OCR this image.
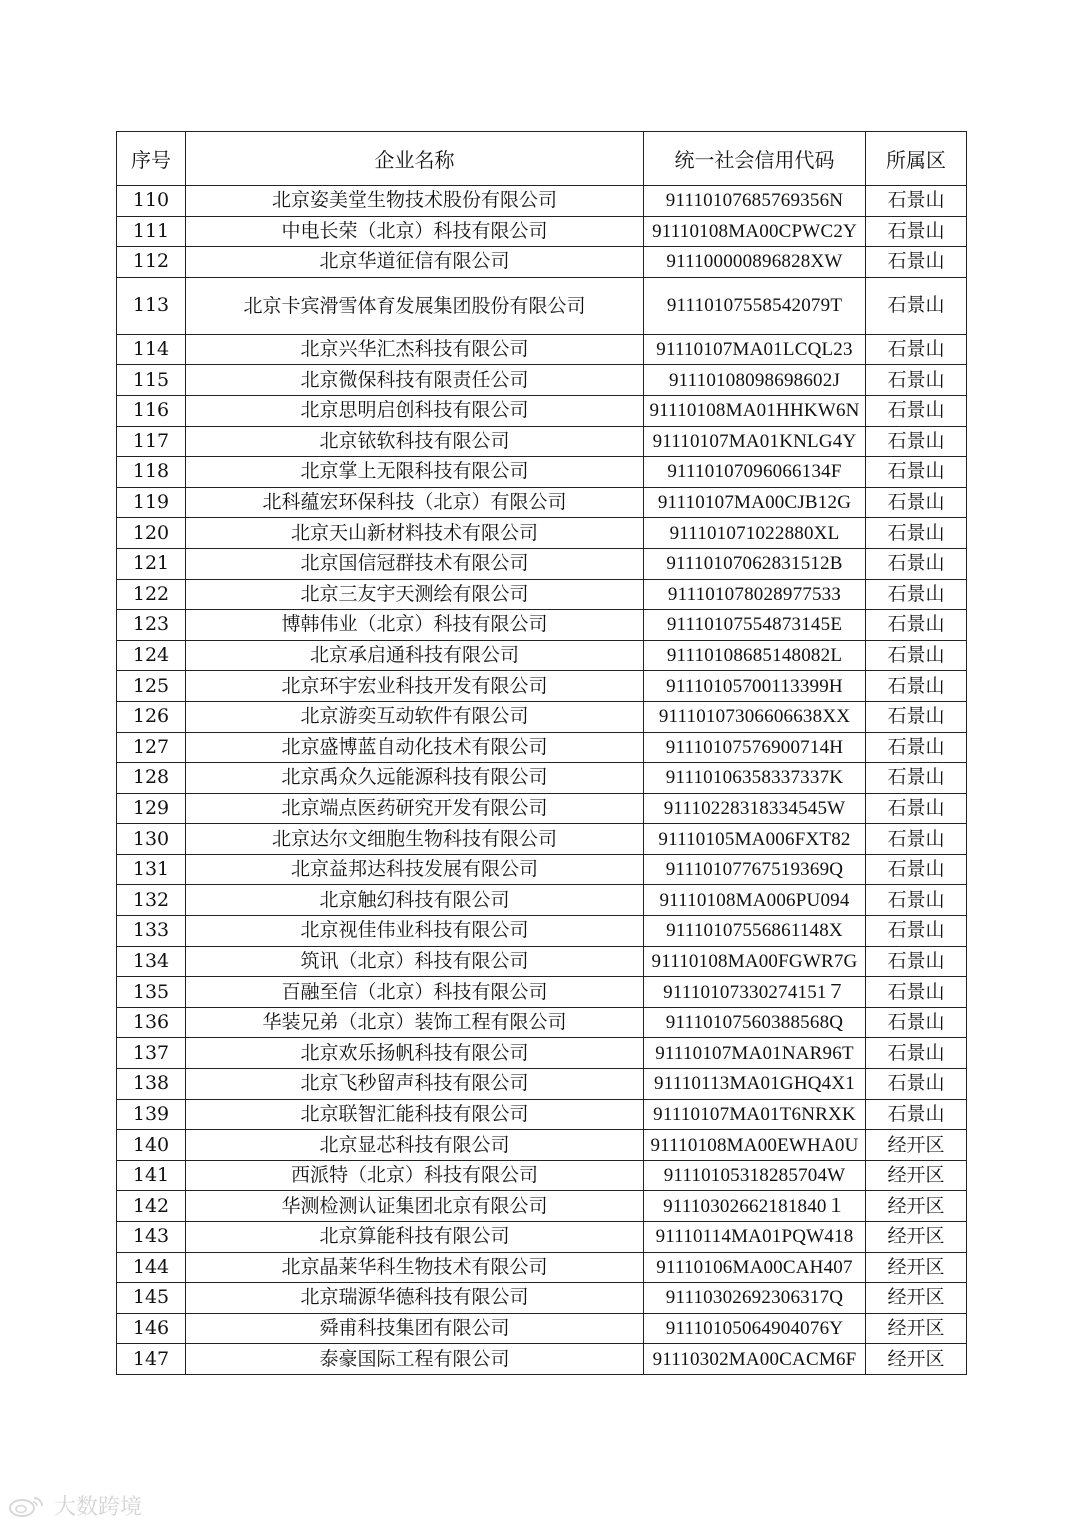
序号	企业名称	统一社会信用代码	所属区
110	北京姿美堂生物技术股份有限公司	91110107685769356N	石景山
111	中电长荣（北京）科技有限公司	91110108MA00CPWC2Y	石景山
112	北京华道征信有限公司	911100000896828XW	石景山
113	北京卡宾滑雪体育发展集团股份有限公司	91110107558542079T	石景山
114	北京兴华汇杰科技有限公司	91110107MA01LCQL23	石景山
115	北京微保科技有限责任公司	91110108098698602J	石景山
116	北京思明启创科技有限公司	91110108MA01HHKW6N	石景山
117	北京铱软科技有限公司	91110107MA01KNLG4Y	石景山
118	北京掌上无限科技有限公司	91110107096066134F	石景山
119	北科蕴宏环保科技（北京）有限公司	91110107MA00CJB12G	石景山
120	北京天山新材料技术有限公司	911101071022880XL	石景山
121	北京国信冠群技术有限公司	91110107062831512B	石景山
122	北京三友宇天测绘有限公司	91110107802897753З	石景山
123	博韩伟业（北京）科技有限公司	91110107554873145E	石景山
124	北京承启通科技有限公司	91110108685148082L	石景山
125	北京环宇宏业科技开发有限公司	91110105700113399H	石景山
126	北京游奕互动软件有限公司	91110107306606638XX	石景山
127	北京盛博蓝自动化技术有限公司	91110107576900714H	石景山
128	北京禹众久远能源科技有限公司	91110106358337337K	石景山
129	北京端点医药研究开发有限公司	91110228318334545W	石景山
130	北京达尔文细胞生物科技有限公司	91110105MA006FXT82	石景山
131	北京益邦达科技发展有限公司	91110107767519369Q	石景山
132	北京触幻科技有限公司	91110108MA006PU094	石景山
133	北京视佳伟业科技有限公司	91110107556861148X	石景山
134	筑讯（北京）科技有限公司	91110108MA00FGWR7G	石景山
135	百融至信（北京）科技有限公司	91110107330274151７	石景山
136	华装兄弟（北京）装饰工程有限公司	91110107560388568Q	石景山
137	北京欢乐扬帆科技有限公司	91110107MA01NAR96T	石景山
138	北京飞秒留声科技有限公司	91110113MA01GHQ4X1	石景山
139	北京联智汇能科技有限公司	91110107MA01T6NRXK	石景山
140	北京显芯科技有限公司	91110108MA00EWHA0U	经开区
141	西派特（北京）科技有限公司	91110105318285704W	经开区
142	华测检测认证集团北京有限公司	91110302662181840１	经开区
143	北京算能科技有限公司	91110114MA01PQW418	经开区
144	北京晶莱华科生物技术有限公司	91110106MA00CAH407	经开区
145	北京瑞源华德科技有限公司	91110302692306317Q	经开区
146	舜甫科技集团有限公司	91110105064904076Y	经开区
147	泰豪国际工程有限公司	91110302MA00CACM6F	经开区
大数跨境
